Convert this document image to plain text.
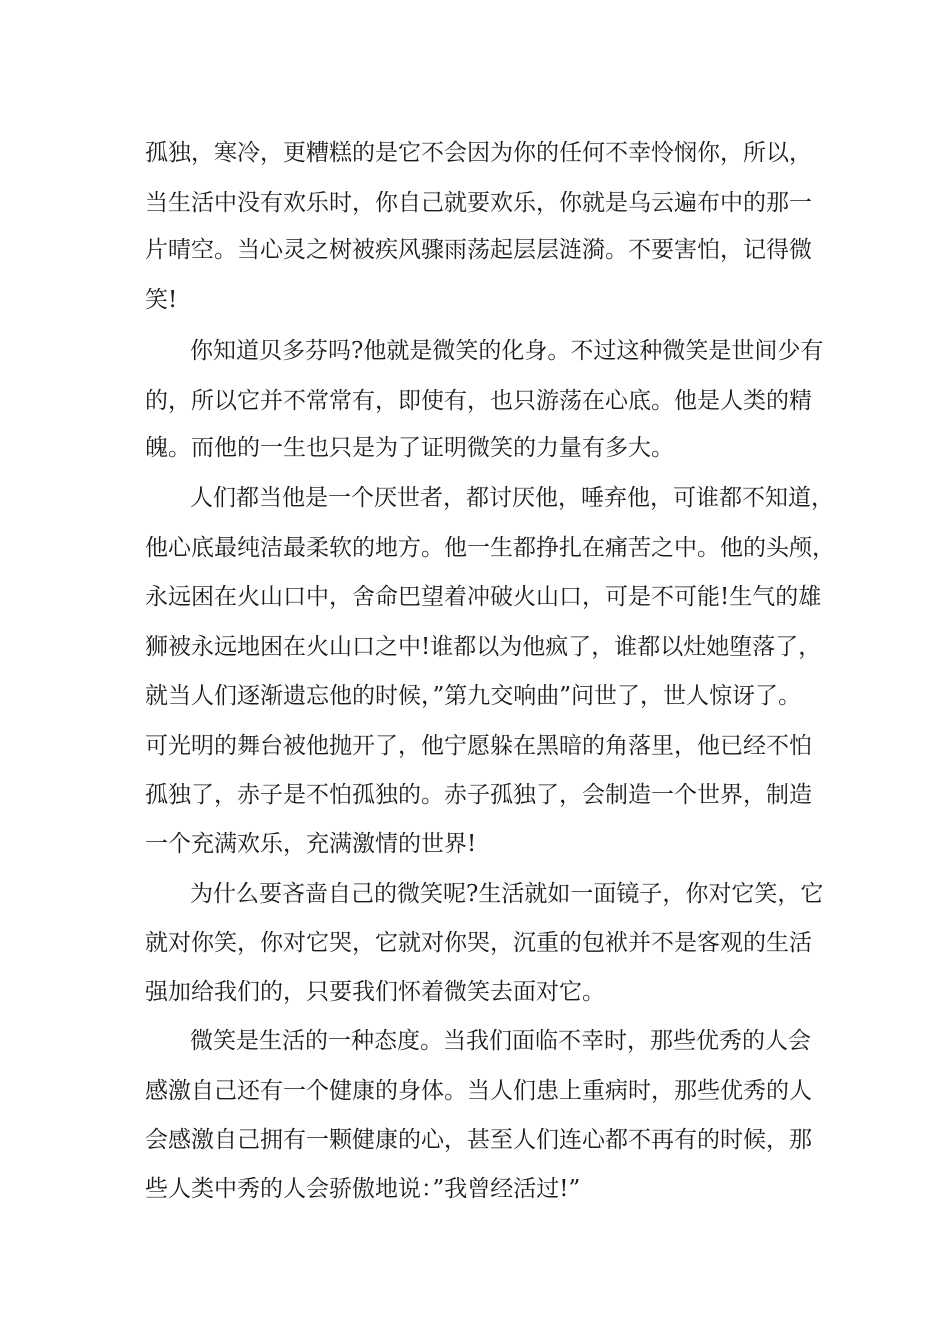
孤独，寒冷，更糟糕的是它不会因为你的任何不幸怜悯你，所以，
当生活中没有欢乐时，你自己就要欢乐，你就是乌云遍布中的那一
片晴空。当心灵之树被疾风骤雨荡起层层涟漪。不要害怕，记得微
笑!
你知道贝多芬吗?他就是微笑的化身。不过这种微笑是世间少有
的，所以它并不常常有，即使有，也只游荡在心底。他是人类的精
魄。而他的一生也只是为了证明微笑的力量有多大。
人们都当他是一个厌世者，都讨厌他，唾弃他，可谁都不知道，
他心底最纯洁最柔软的地方。他一生都挣扎在痛苦之中。他的头颅，
永远困在火山口中，舍命巴望着冲破火山口，可是不可能!生气的雄
狮被永远地困在火山口之中!谁都以为他疯了，谁都以灶她堕落了，
就当人们逐渐遗忘他的时候，”第九交响曲”问世了，世人惊讶了。
可光明的舞台被他抛开了，他宁愿躲在黑暗的角落里，他已经不怕
孤独了，赤子是不怕孤独的。赤子孤独了，会制造一个世界，制造
一个充满欢乐，充满激情的世界!
为什么要吝啬自己的微笑呢?生活就如一面镜子，你对它笑，它
就对你笑，你对它哭，它就对你哭，沉重的包袱并不是客观的生活
强加给我们的，只要我们怀着微笑去面对它。
微笑是生活的一种态度。当我们面临不幸时，那些优秀的人会
感激自己还有一个健康的身体。当人们患上重病时，那些优秀的人
会感激自己拥有一颗健康的心，甚至人们连心都不再有的时候，那
些人类中秀的人会骄傲地说：”我曾经活过!”
